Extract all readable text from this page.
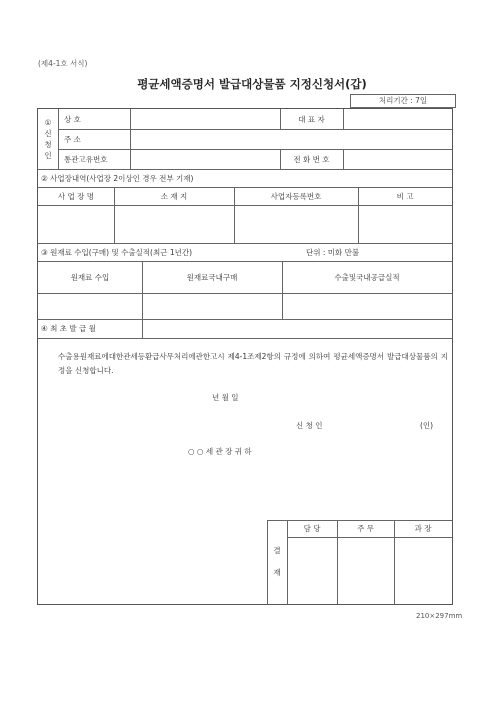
(제4-1호 서식)
평균세액증명서 발급대상물품 지정신청서(갑)
처리기간 : 7일
①
신
청
인
상 호	대 표 자
주 소
통관고유번호	전 화 번 호
② 사업장내역(사업장 2이상인 경우 전부 기재)
사 업 장 명	소 재 지	사업자등록번호	비 고
③ 원재료 수입(구매) 및 수출실적(최근 1년간)	단위 : 미화 만불
원재료 수입	원재료국내구매	수출및국내공급실적
④ 최 초 발 급 월
결
재
담 당	주 무	과 장
수출용원재료에대한관세등환급사무처리에관한고시 제4-1조제2항의 규정에 의하여 평균세액증명서 발급대상물품의 지정을 신청합니다.
년 월 일
신 청 인	(인)
○ ○ 세 관 장 귀 하
210×297mm
